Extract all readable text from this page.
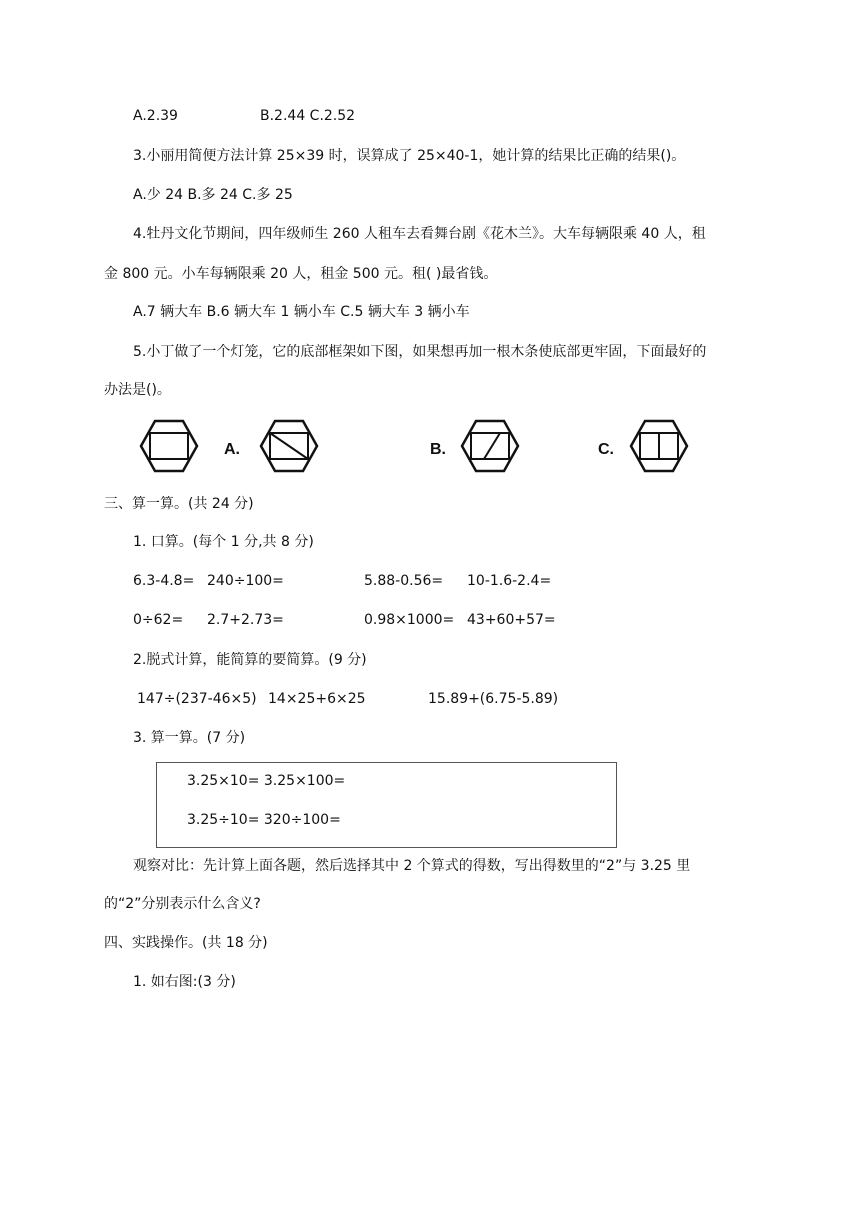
A.2.39	B.2.44 C.2.52
3.小丽用简便方法计算 25×39 时，误算成了 25×40-1，她计算的结果比正确的结果()。
A.少 24 B.多 24 C.多 25
4.牡丹文化节期间，四年级师生 260 人租车去看舞台剧《花木兰》。大车每辆限乘 40 人，租
金 800 元。小车每辆限乘 20 人，租金 500 元。租( )最省钱。
A.7 辆大车 B.6 辆大车 1 辆小车 C.5 辆大车 3 辆小车
5.小丁做了一个灯笼，它的底部框架如下图，如果想再加一根木条使底部更牢固，下面最好的
办法是()。
A.	B.	C.
三、算一算。(共 24 分)
1. 口算。(每个 1 分,共 8 分)
6.3-4.8= 240÷100=	5.88-0.56= 10-1.6-2.4=
0÷62= 2.7+2.73=	0.98×1000= 43+60+57=
2.脱式计算，能简算的要简算。(9 分)
147÷(237-46×5) 14×25+6×25	15.89+(6.75-5.89)
3. 算一算。(7 分)
3.25×10= 3.25×100=
3.25÷10= 320÷100=
观察对比：先计算上面各题，然后选择其中 2 个算式的得数，写出得数里的“2”与 3.25 里
的“2”分别表示什么含义?
四、实践操作。(共 18 分)
1. 如右图:(3 分)
